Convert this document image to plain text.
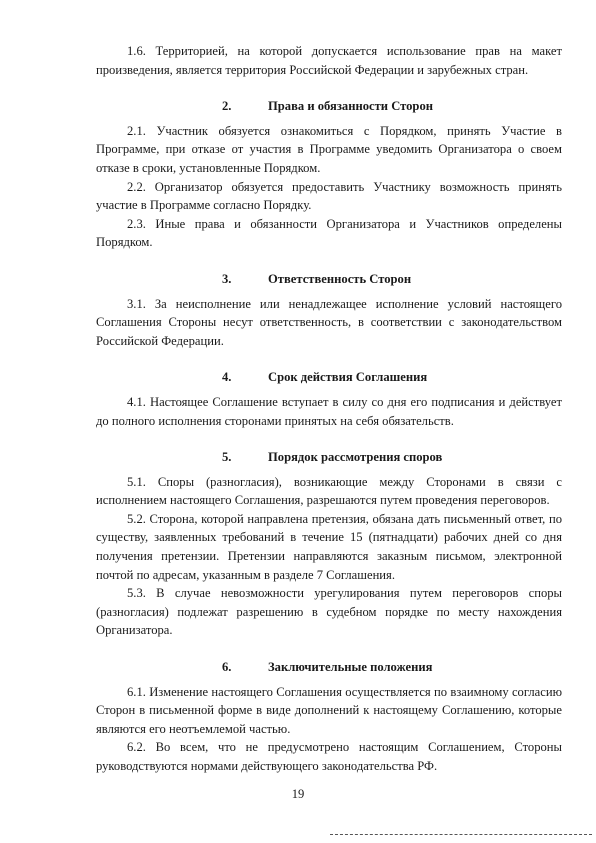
1.6. Территорией, на которой допускается использование прав на макет произведения, является территория Российской Федерации и зарубежных стран.

2.	Права и обязанности Сторон

2.1. Участник обязуется ознакомиться с Порядком, принять Участие в Программе, при отказе от участия в Программе уведомить Организатора о своем отказе в сроки, установленные Порядком.

2.2. Организатор обязуется предоставить Участнику возможность принять участие в Программе согласно Порядку.

2.3. Иные права и обязанности Организатора и Участников определены Порядком.

3.	Ответственность Сторон

3.1. За неисполнение или ненадлежащее исполнение условий настоящего Соглашения Стороны несут ответственность, в соответствии с законодательством Российской Федерации.

4.	Срок действия Соглашения

4.1. Настоящее Соглашение вступает в силу со дня его подписания и действует до полного исполнения сторонами принятых на себя обязательств.

5.	Порядок рассмотрения споров

5.1. Споры (разногласия), возникающие между Сторонами в связи с исполнением настоящего Соглашения, разрешаются путем проведения переговоров.

5.2. Сторона, которой направлена претензия, обязана дать письменный ответ, по существу, заявленных требований в течение 15 (пятнадцати) рабочих дней со дня получения претензии. Претензии направляются заказным письмом, электронной почтой по адресам, указанным в разделе 7 Соглашения.

5.3. В случае невозможности урегулирования путем переговоров споры (разногласия) подлежат разрешению в судебном порядке по месту нахождения Организатора.

6.	Заключительные положения

6.1. Изменение настоящего Соглашения осуществляется по взаимному согласию Сторон в письменной форме в виде дополнений к настоящему Соглашению, которые являются его неотъемлемой частью.

6.2. Во всем, что не предусмотрено настоящим Соглашением, Стороны руководствуются нормами действующего законодательства РФ.

19
